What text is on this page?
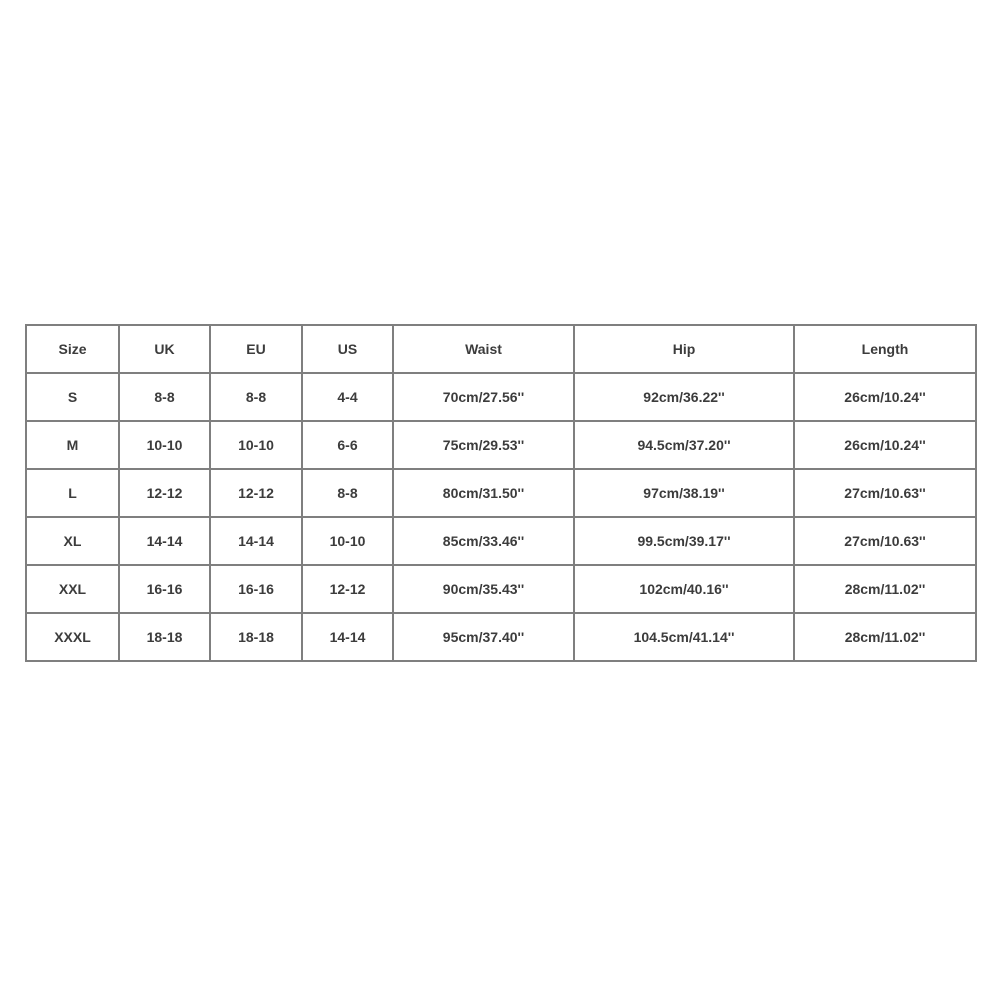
Size	UK	EU	US	Waist	Hip	Length
S	8-8	8-8	4-4	70cm/27.56''	92cm/36.22''	26cm/10.24''
M	10-10	10-10	6-6	75cm/29.53''	94.5cm/37.20''	26cm/10.24''
L	12-12	12-12	8-8	80cm/31.50''	97cm/38.19''	27cm/10.63''
XL	14-14	14-14	10-10	85cm/33.46''	99.5cm/39.17''	27cm/10.63''
XXL	16-16	16-16	12-12	90cm/35.43''	102cm/40.16''	28cm/11.02''
XXXL	18-18	18-18	14-14	95cm/37.40''	104.5cm/41.14''	28cm/11.02''
